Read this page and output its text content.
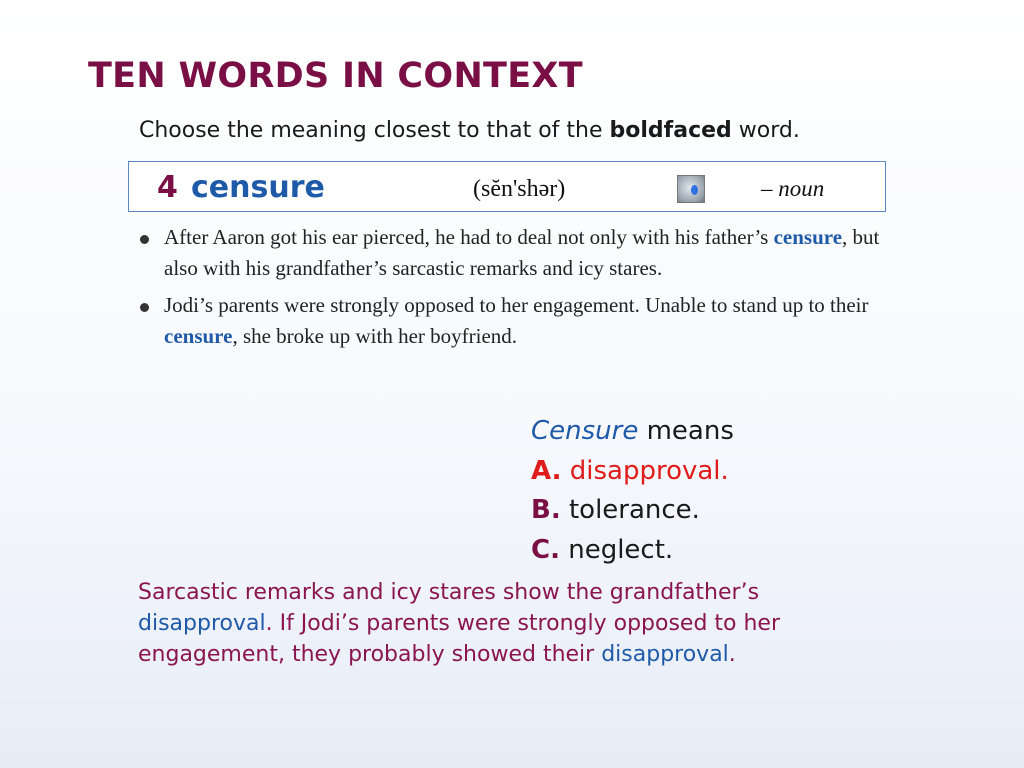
TEN WORDS IN CONTEXT
Choose the meaning closest to that of the boldfaced word.
4 censure	(sĕn'shər)	– noun
After Aaron got his ear pierced, he had to deal not only with his father’s censure, but also with his grandfather’s sarcastic remarks and icy stares.
Jodi’s parents were strongly opposed to her engagement. Unable to stand up to their censure, she broke up with her boyfriend.
Censure means
A. disapproval.
B. tolerance.
C. neglect.
Sarcastic remarks and icy stares show the grandfather’s disapproval. If Jodi’s parents were strongly opposed to her engagement, they probably showed their disapproval.
